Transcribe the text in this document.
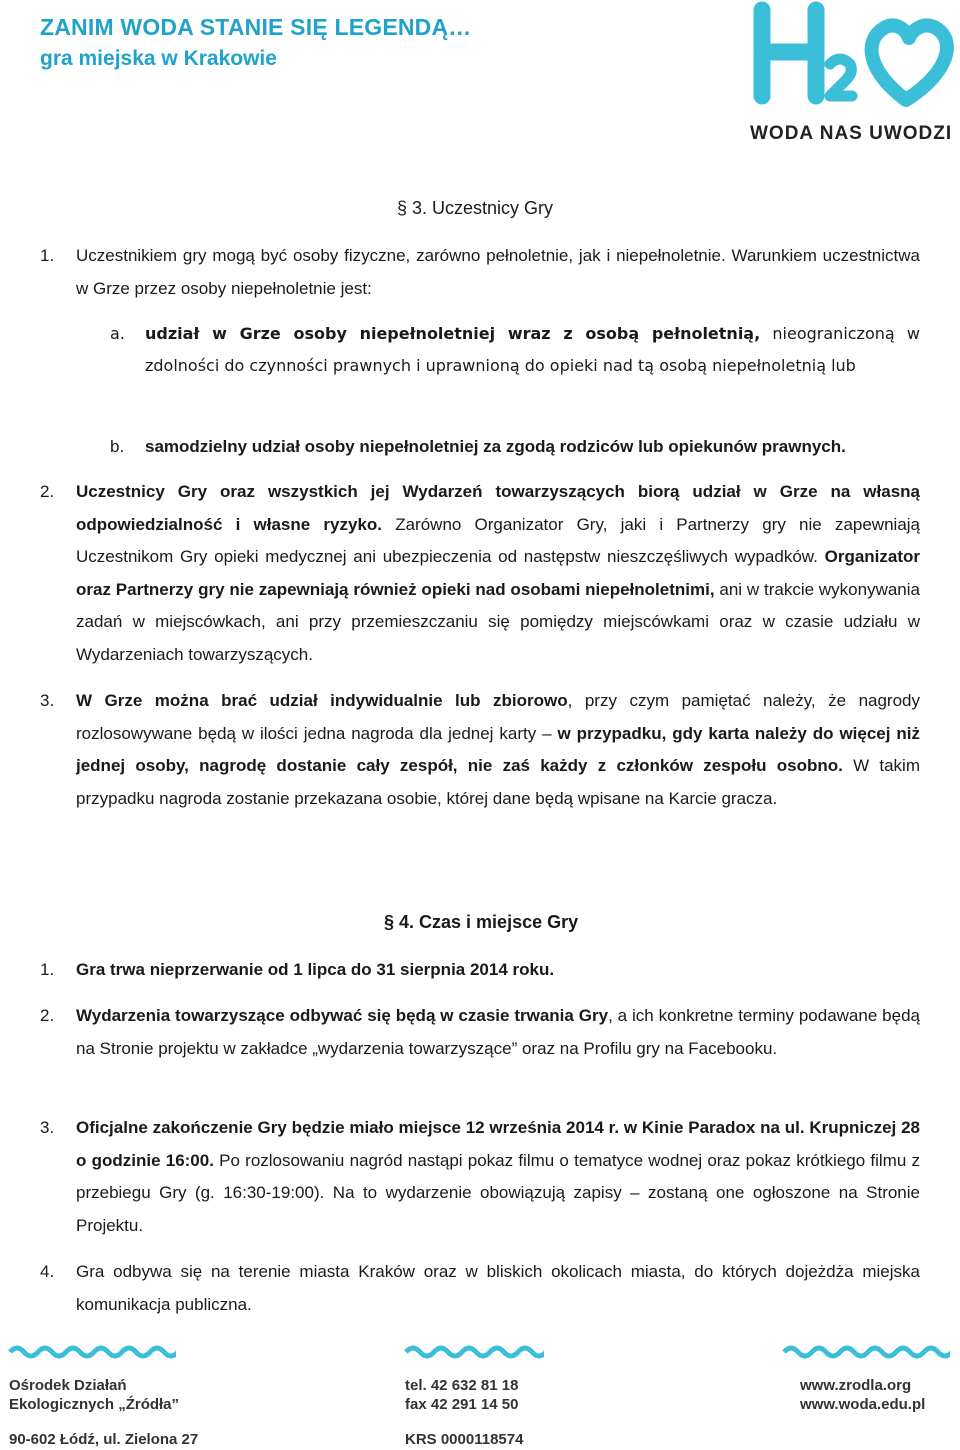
ZANIM WODA STANIE SIĘ LEGENDĄ…
gra miejska w Krakowie
WODA NAS UWODZI
§ 3. Uczestnicy Gry
1. Uczestnikiem gry mogą być osoby fizyczne, zarówno pełnoletnie, jak i niepełnoletnie. Warunkiem uczestnictwa w Grze przez osoby niepełnoletnie jest:
a. udział w Grze osoby niepełnoletniej wraz z osobą pełnoletnią, nieograniczoną w zdolności do czynności prawnych i uprawnioną do opieki nad tą osobą niepełnoletnią lub
b. samodzielny udział osoby niepełnoletniej za zgodą rodziców lub opiekunów prawnych.
2. Uczestnicy Gry oraz wszystkich jej Wydarzeń towarzyszących biorą udział w Grze na własną odpowiedzialność i własne ryzyko. Zarówno Organizator Gry, jaki i Partnerzy gry nie zapewniają Uczestnikom Gry opieki medycznej ani ubezpieczenia od następstw nieszczęśliwych wypadków. Organizator oraz Partnerzy gry nie zapewniają również opieki nad osobami niepełnoletnimi, ani w trakcie wykonywania zadań w miejscówkach, ani przy przemieszczaniu się pomiędzy miejscówkami oraz w czasie udziału w Wydarzeniach towarzyszących.
3. W Grze można brać udział indywidualnie lub zbiorowo, przy czym pamiętać należy, że nagrody rozlosowywane będą w ilości jedna nagroda dla jednej karty – w przypadku, gdy karta należy do więcej niż jednej osoby, nagrodę dostanie cały zespół, nie zaś każdy z członków zespołu osobno. W takim przypadku nagroda zostanie przekazana osobie, której dane będą wpisane na Karcie gracza.
§ 4. Czas i miejsce Gry
1. Gra trwa nieprzerwanie od 1 lipca do 31 sierpnia 2014 roku.
2. Wydarzenia towarzyszące odbywać się będą w czasie trwania Gry, a ich konkretne terminy podawane będą na Stronie projektu w zakładce „wydarzenia towarzyszące” oraz na Profilu gry na Facebooku.
3. Oficjalne zakończenie Gry będzie miało miejsce 12 września 2014 r. w Kinie Paradox na ul. Krupniczej 28 o godzinie 16:00. Po rozlosowaniu nagród nastąpi pokaz filmu o tematyce wodnej oraz pokaz krótkiego filmu z przebiegu Gry (g. 16:30-19:00). Na to wydarzenie obowiązują zapisy – zostaną one ogłoszone na Stronie Projektu.
4. Gra odbywa się na terenie miasta Kraków oraz w bliskich okolicach miasta, do których dojeżdża miejska komunikacja publiczna.
Ośrodek Działań
Ekologicznych „Źródła”
90-602 Łódź, ul. Zielona 27
tel. 42 632 81 18
fax 42 291 14 50
KRS 0000118574
www.zrodla.org
www.woda.edu.pl
